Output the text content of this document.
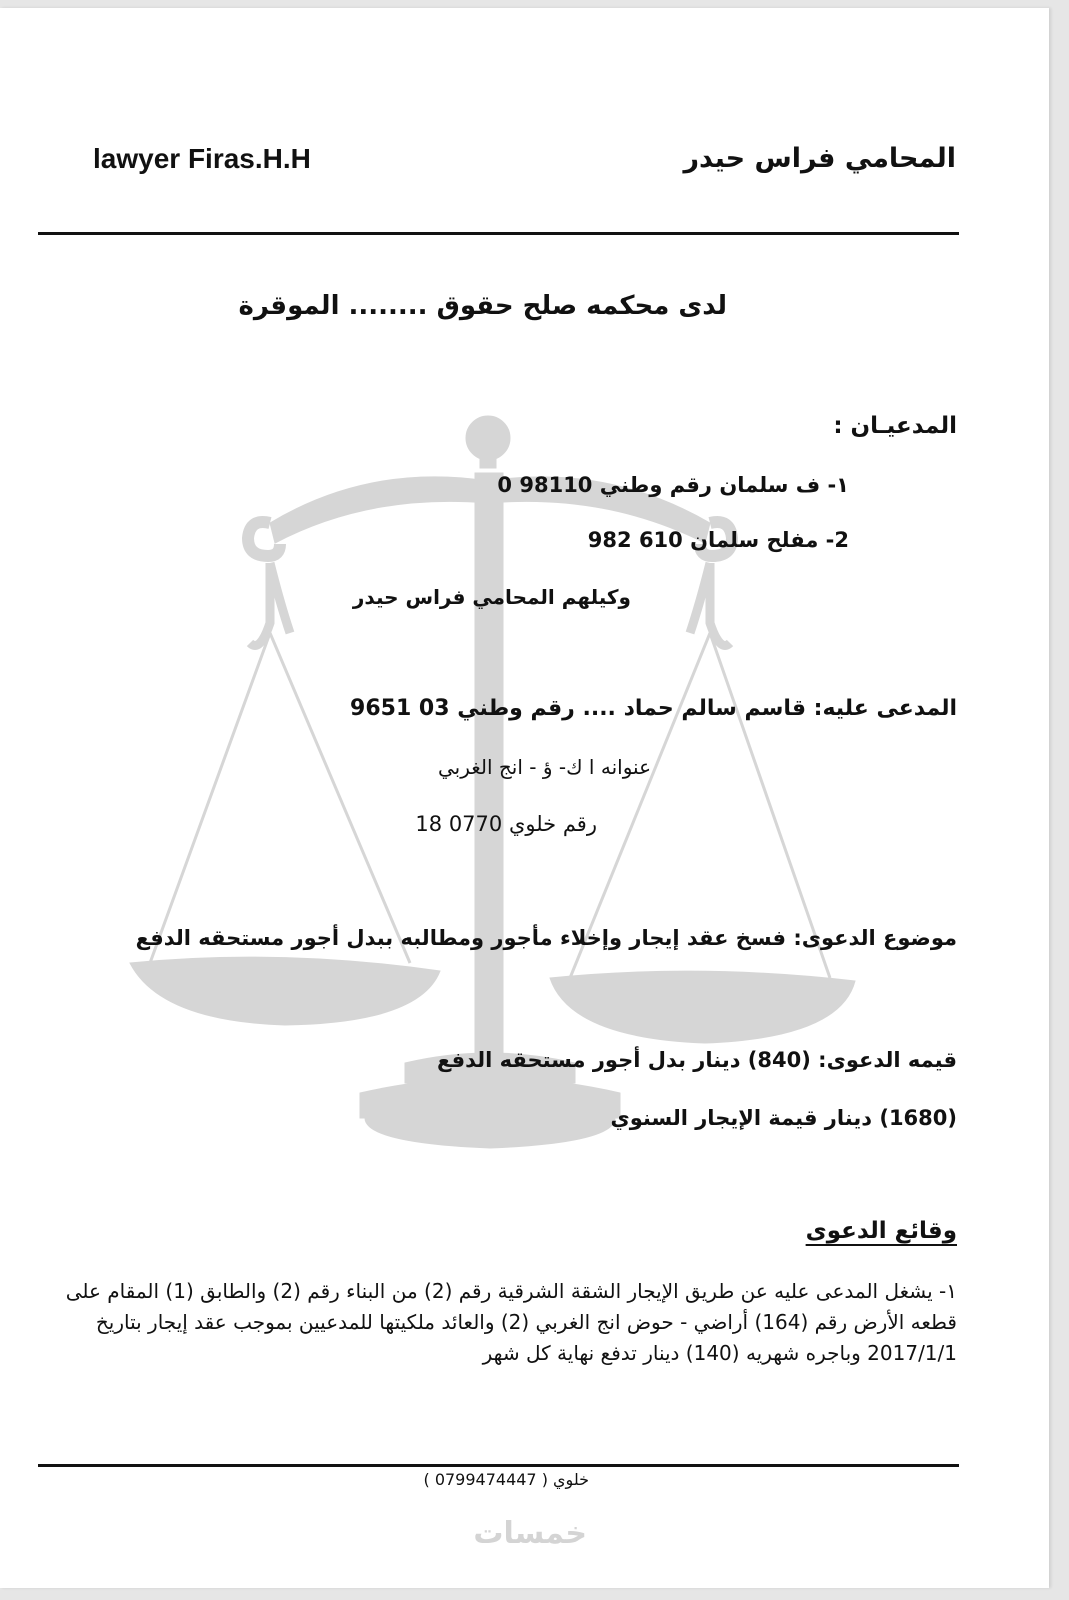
المحامي فراس حيدر
lawyer Firas.H.H
لدى محكمه صلح حقوق ........ الموقرة
المدعيـان :
١- ف سلمان رقم وطني 98110 0
2- مفلح سلمان 610 982
وكيلهم المحامي فراس حيدر
المدعى عليه: قاسم سالم حماد .... رقم وطني 03 9651
عنوانه ا ك- ؤ - انج الغربي
رقم خلوي 0770 18
موضوع الدعوى: فسخ عقد إيجار وإخلاء مأجور ومطالبه ببدل أجور مستحقه الدفع
قيمه الدعوى: (840) دينار بدل أجور مستحقه الدفع
(1680) دينار قيمة الإيجار السنوي
وقائع الدعوى
١- يشغل المدعى عليه عن طريق الإيجار الشقة الشرقية رقم (2) من البناء رقم (2) والطابق (1) المقام على قطعه الأرض رقم (164) أراضي - حوض انج الغربي (2) والعائد ملكيتها للمدعيين بموجب عقد إيجار بتاريخ 2017/1/1 وباجره شهريه (140) دينار تدفع نهاية كل شهر
خلوي ( 0799474447 )
خمسات
